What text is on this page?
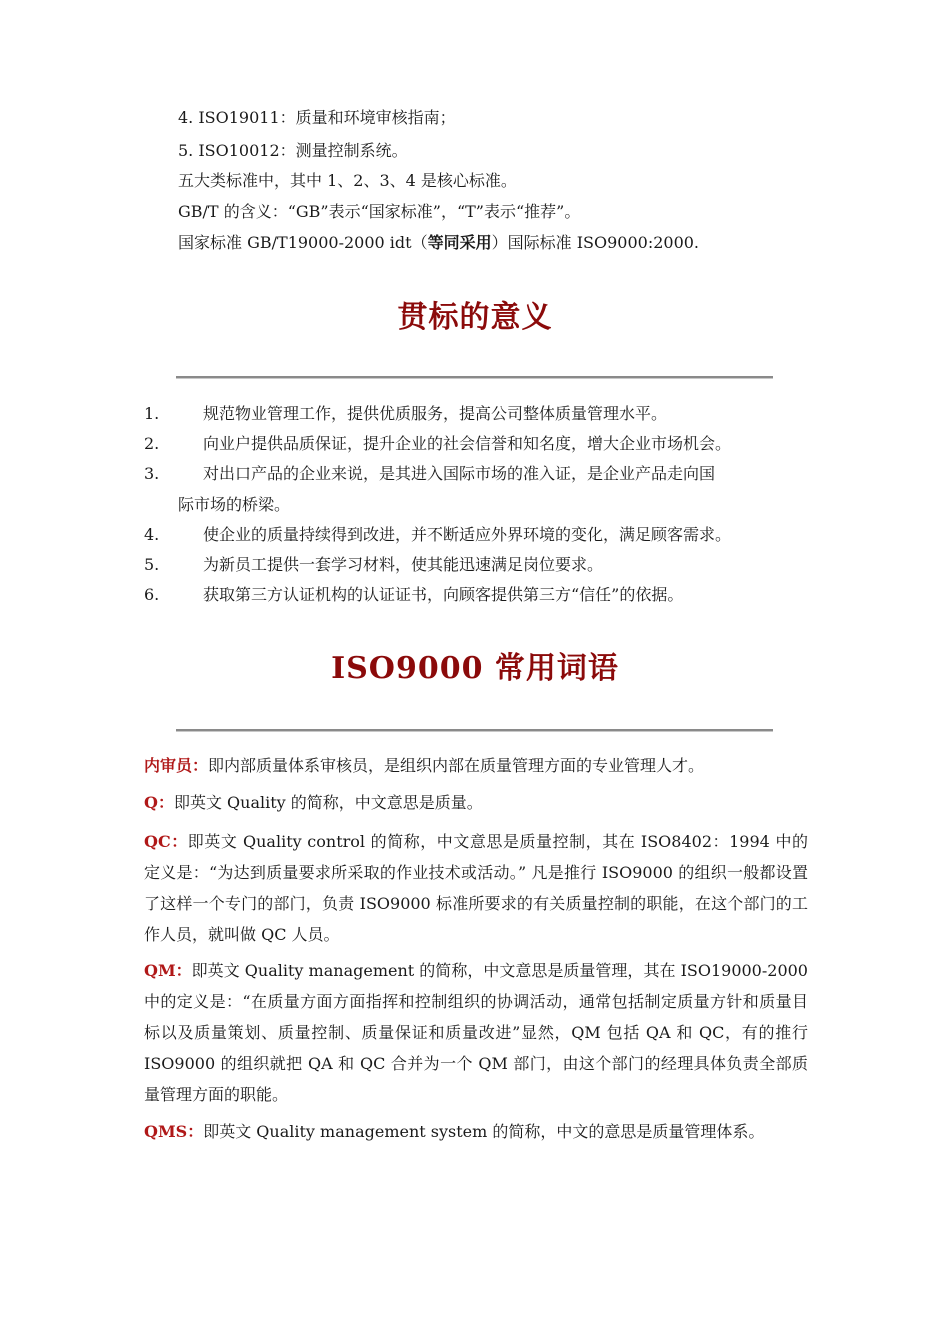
4. ISO19011：质量和环境审核指南；
5. ISO10012：测量控制系统。
五大类标准中，其中 1、2、3、4 是核心标准。
GB/T 的含义：“GB”表示“国家标准”，“T”表示“推荐”。
国家标准 GB/T19000-2000 idt（等同采用）国际标准 ISO9000:2000.
贯标的意义
1.	规范物业管理工作，提供优质服务，提高公司整体质量管理水平。
2.	向业户提供品质保证，提升企业的社会信誉和知名度，增大企业市场机会。
3.	对出口产品的企业来说，是其进入国际市场的准入证，是企业产品走向国
际市场的桥梁。
4.	使企业的质量持续得到改进，并不断适应外界环境的变化，满足顾客需求。
5.	为新员工提供一套学习材料，使其能迅速满足岗位要求。
6.	获取第三方认证机构的认证证书，向顾客提供第三方“信任”的依据。
ISO9000 常用词语
内审员：即内部质量体系审核员，是组织内部在质量管理方面的专业管理人才。
Q：即英文 Quality 的简称，中文意思是质量。
QC：即英文 Quality control 的简称，中文意思是质量控制，其在 ISO8402：1994 中的定义是：“为达到质量要求所采取的作业技术或活动。” 凡是推行 ISO9000 的组织一般都设置了这样一个专门的部门，负责 ISO9000 标准所要求的有关质量控制的职能，在这个部门的工作人员，就叫做 QC 人员。
QM：即英文 Quality management 的简称，中文意思是质量管理，其在 ISO19000-2000 中的定义是：“在质量方面方面指挥和控制组织的协调活动，通常包括制定质量方针和质量目标以及质量策划、质量控制、质量保证和质量改进”显然，QM 包括 QA 和 QC，有的推行 ISO9000 的组织就把 QA 和 QC 合并为一个 QM 部门，由这个部门的经理具体负责全部质量管理方面的职能。
QMS：即英文 Quality management system 的简称，中文的意思是质量管理体系。
